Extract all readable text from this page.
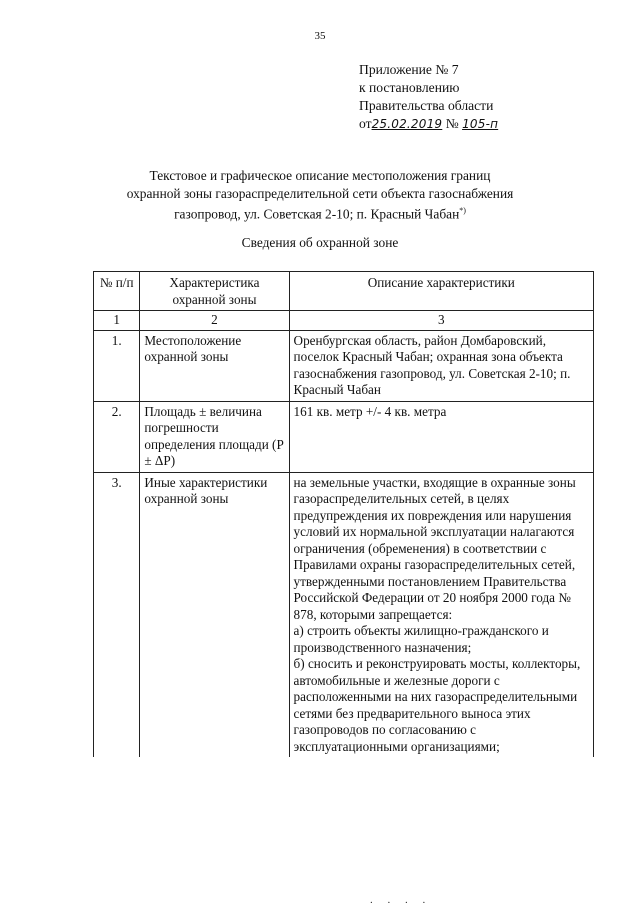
35
Приложение № 7
к постановлению
Правительства области
от25.02.2019 № 105-п
Текстовое и графическое описание местоположения границ
охранной зоны газораспределительной сети объекта газоснабжения
газопровод, ул. Советская 2-10; п. Красный Чабан*)
Сведения об охранной зоне
№ п/п	Характеристика охранной зоны	Описание характеристики
1	2	3
1.	Местоположение охранной зоны	Оренбургская область, район Домбаровский, поселок Красный Чабан; охранная зона объекта газоснабжения газопровод, ул. Советская 2-10; п. Красный Чабан
2.	Площадь ± величина погрешности определения площади (P ± ΔP)	161 кв. метр +/- 4 кв. метра
3.	Иные характеристики охранной зоны	на земельные участки, входящие в охранные зоны газораспределительных сетей, в целях предупреждения их повреждения или нарушения условий их нормальной эксплуатации налагаются ограничения (обременения) в соответствии с Правилами охраны газораспределительных сетей, утвержденными постановлением Правительства Российской Федерации от 20 ноября 2000 года № 878, которыми запрещается:
а) строить объекты жилищно-гражданского и производственного назначения;
б) сносить и реконструировать мосты, коллекторы, автомобильные и железные дороги с расположенными на них газораспределительными сетями без предварительного выноса этих газопроводов по согласованию с эксплуатационными организациями;
. . . .
